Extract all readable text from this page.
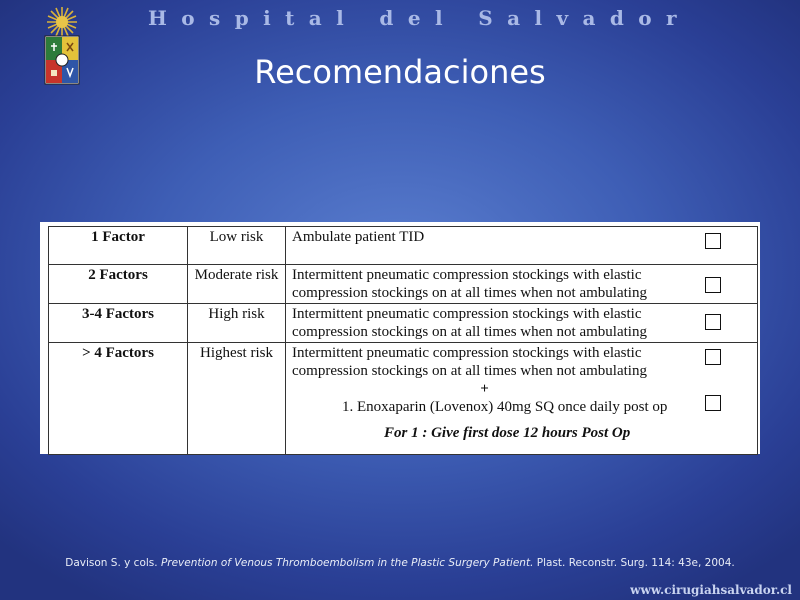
Hospital del Salvador
Recomendaciones
1 Factor	Low risk	Ambulate patient TID

2 Factors	Moderate risk	Intermittent pneumatic compression stockings with elastic
compression stockings on at all times when not ambulating

3-4 Factors	High risk	Intermittent pneumatic compression stockings with elastic
compression stockings on at all times when not ambulating

> 4 Factors	Highest risk	Intermittent pneumatic compression stockings with elastic
compression stockings on at all times when not ambulating
+
1. Enoxaparin (Lovenox) 40mg SQ once daily post op
For 1 : Give first dose 12 hours Post Op
Davison S. y cols. Prevention of Venous Thromboembolism in the Plastic Surgery Patient. Plast. Reconstr. Surg. 114: 43e, 2004.
www.cirugiahsalvador.cl
